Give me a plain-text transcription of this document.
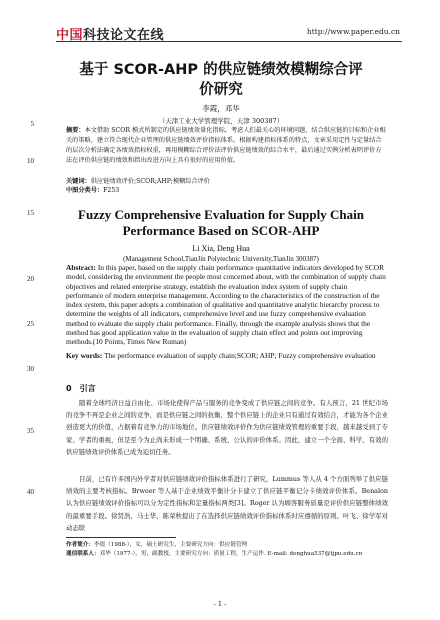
中国科技论文在线	http://www.paper.edu.cn
基于 SCOR-AHP 的供应链绩效模糊综合评
价研究
李霞，邓华
（天津工业大学管理学院，天津 300387）
5
10
15
20
25
30
35
40
摘要：本文借助 SCOR 模式所制定的供应链绩效量化指标，考虑人们最关心的环境问题，结合供应链的目标和企业相关的策略，建立符合现代企业管理的供应链绩效评价指标体系。根据构建指标体系的特点，文章采用定性与定量结合的层次分析法确定各绩效指标权重，再用模糊综合评价法评价供应链绩效的综合水平，最后通过实例分析表明评价方法在评价供应链的绩效和指出改进方向上具有很好的应用价值。
关键词：供应链绩效评价;SCOR;AHP;模糊综合评价
中图分类号：F253
Fuzzy Comprehensive Evaluation for Supply Chain
Performance Based on SCOR-AHP
Li Xia, Deng Hua
(Management School,TianJin Polytechnic University,TianJin 300387)
Abstract: In this paper, based on the supply chain performance quantitative indicators developed by SCOR model, considering the environment the people most concerned about, with the combination of supply chain objectives and related enterprise strategy, establish the evaluation index system of supply chain performance of modern enterprise management. According to the characteristics of the construction of the index system, this paper adopts a combination of qualitative and quantitative analytic hierarchy process to determine the weights of all indicators, comprehensive level and use fuzzy comprehensive evaluation method to evaluate the supply chain performance. Finally, through the example analysis shows that the method has good application value in the evaluation of supply chain effect and points out improving methods.(10 Points, Times New Roman)
Key words: The performance evaluation of supply chain;SCOR; AHP; Fuzzy comprehensive evaluation
0　引言
随着全球经济日益自由化、市场化使得产品与服务的竞争变成了供应链之间的竞争。有人预言，21 世纪市场的竞争不再是企业之间的竞争，而是供应链之间的抗衡，整个供应链上的企业只有通过有效结合，才能为各个企业创造更大的价值，占据着有竞争力的市场地位。供应链绩效评价作为供应链绩效管理的重要手段，越来越受到了专家、学者的重视，但是至今为止尚未形成一个明确、系统、公认的评价体系。因此，建立一个全面、科学、有效的供应链绩效评价体系已成为迫切任务。
目前，已有许多国内外学者对供应链绩效评价指标体系进行了研究，Lummus 等人从 4 个方面列举了供应链绩效的主要考核指标。Brweer 等人基于企业绩效平衡计分卡建立了供应链平衡记分卡绩效评价体系。Benalon 认为供应链绩效评价指标可以分为定性指标和定量指标两类[3]。Roger 认为顾客服务质量是评价供应链整体绩效的最重要手段。徐贤浩、马士华、陈荣秋提出了在选择供应链绩效评价指标体系时应遵循的原则。叶飞、徐学军对动态联
作者简介：李霞（1988-），女，硕士研究生，主要研究方向：供应链管理
通信联系人：邓华（1977-），男，副教授，主要研究方向：质量工程，生产运作. E-mail: denghua537@tjpu.edu.cn
- 1 -
